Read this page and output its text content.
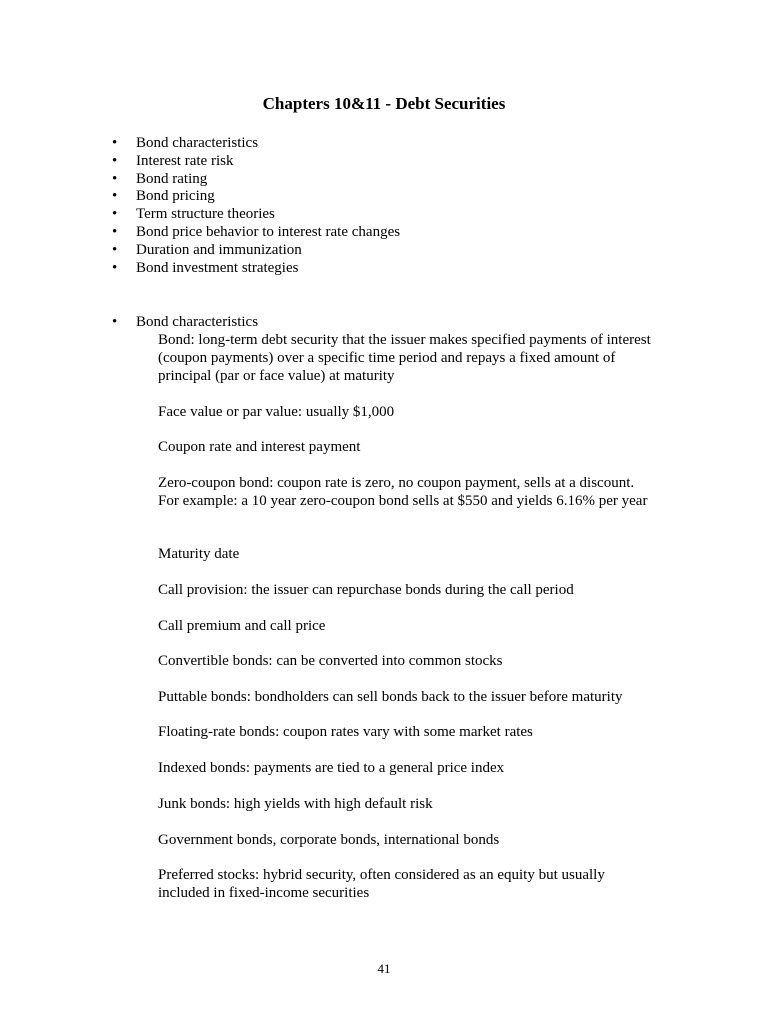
Chapters 10&11 - Debt Securities
• Bond characteristics
• Interest rate risk
• Bond rating
• Bond pricing
• Term structure theories
• Bond price behavior to interest rate changes
• Duration and immunization
• Bond investment strategies
• Bond characteristics

Bond: long-term debt security that the issuer makes specified payments of interest (coupon payments) over a specific time period and repays a fixed amount of principal (par or face value) at maturity

Face value or par value: usually $1,000

Coupon rate and interest payment

Zero-coupon bond: coupon rate is zero, no coupon payment, sells at a discount.

For example: a 10 year zero-coupon bond sells at $550 and yields 6.16% per year

Maturity date

Call provision: the issuer can repurchase bonds during the call period

Call premium and call price

Convertible bonds: can be converted into common stocks

Puttable bonds: bondholders can sell bonds back to the issuer before maturity

Floating-rate bonds: coupon rates vary with some market rates

Indexed bonds: payments are tied to a general price index

Junk bonds: high yields with high default risk

Government bonds, corporate bonds, international bonds

Preferred stocks: hybrid security, often considered as an equity but usually included in fixed-income securities

41
